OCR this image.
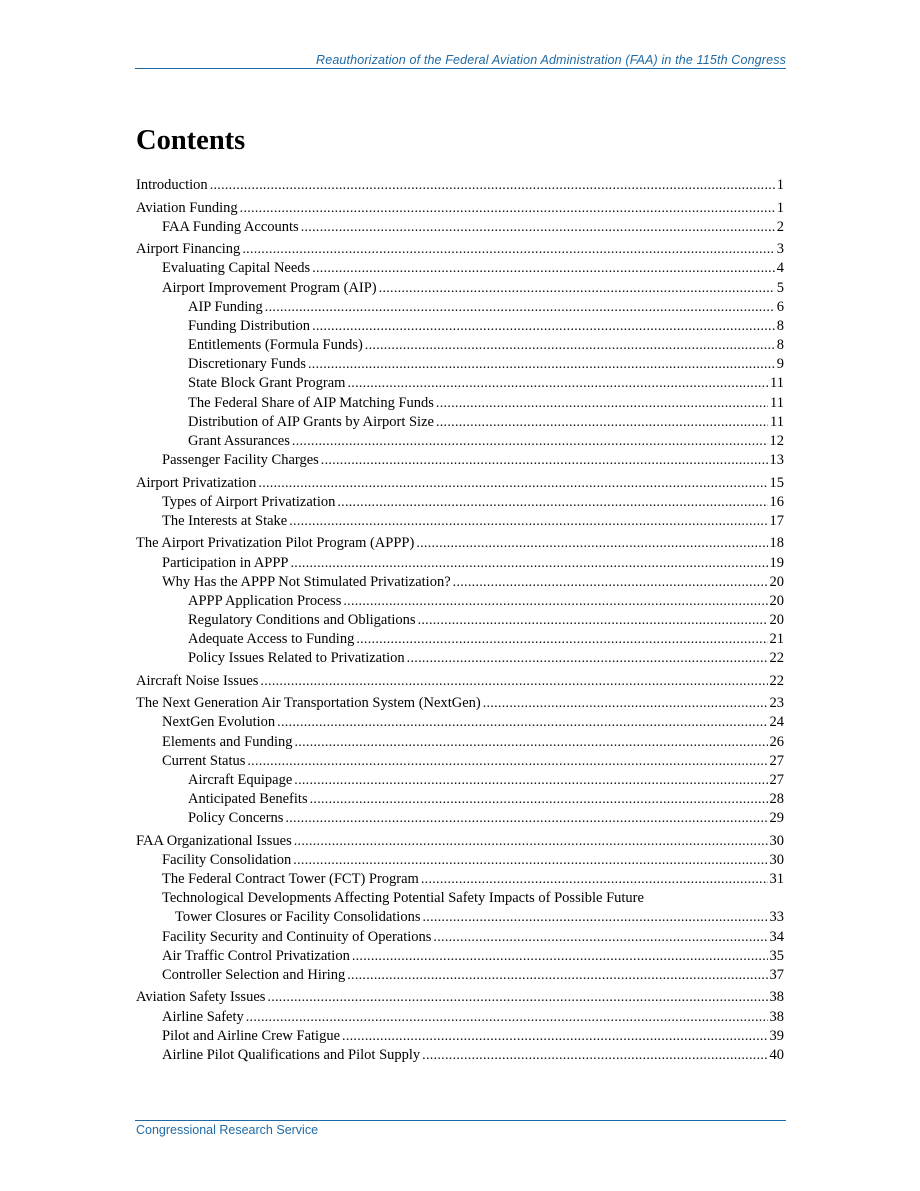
Reauthorization of the Federal Aviation Administration (FAA) in the 115th Congress
Contents
Introduction .....	1
Aviation Funding .....	1
FAA Funding Accounts .....	2
Airport Financing .....	3
Evaluating Capital Needs .....	4
Airport Improvement Program (AIP) .....	5
AIP Funding .....	6
Funding Distribution .....	8
Entitlements (Formula Funds) .....	8
Discretionary Funds .....	9
State Block Grant Program .....	11
The Federal Share of AIP Matching Funds .....	11
Distribution of AIP Grants by Airport Size .....	11
Grant Assurances .....	12
Passenger Facility Charges .....	13
Airport Privatization .....	15
Types of Airport Privatization .....	16
The Interests at Stake .....	17
The Airport Privatization Pilot Program (APPP) .....	18
Participation in APPP .....	19
Why Has the APPP Not Stimulated Privatization? .....	20
APPP Application Process .....	20
Regulatory Conditions and Obligations .....	20
Adequate Access to Funding .....	21
Policy Issues Related to Privatization .....	22
Aircraft Noise Issues .....	22
The Next Generation Air Transportation System (NextGen) .....	23
NextGen Evolution .....	24
Elements and Funding .....	26
Current Status .....	27
Aircraft Equipage .....	27
Anticipated Benefits .....	28
Policy Concerns .....	29
FAA Organizational Issues .....	30
Facility Consolidation .....	30
The Federal Contract Tower (FCT) Program .....	31
Technological Developments Affecting Potential Safety Impacts of Possible Future
Tower Closures or Facility Consolidations .....	33
Facility Security and Continuity of Operations .....	34
Air Traffic Control Privatization .....	35
Controller Selection and Hiring .....	37
Aviation Safety Issues .....	38
Airline Safety .....	38
Pilot and Airline Crew Fatigue .....	39
Airline Pilot Qualifications and Pilot Supply .....	40
Congressional Research Service
